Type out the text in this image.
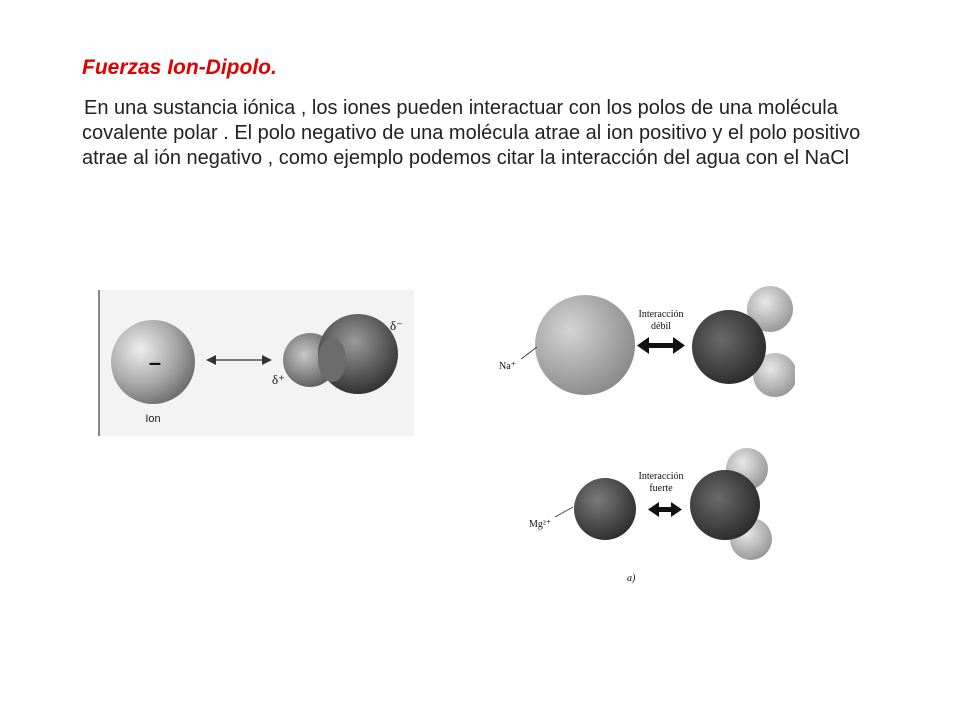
Fuerzas Ion-Dipolo.

En una sustancia iónica , los iones pueden interactuar con los polos de una molécula covalente polar . El polo negativo de una molécula atrae al ion positivo y el polo positivo atrae al ión negativo , como ejemplo podemos citar la interacción del agua con el NaCl

–
Ion
δ⁻
δ⁺
Na⁺
Interacción
débil
Mg²⁺
Interacción
fuerte
a)
